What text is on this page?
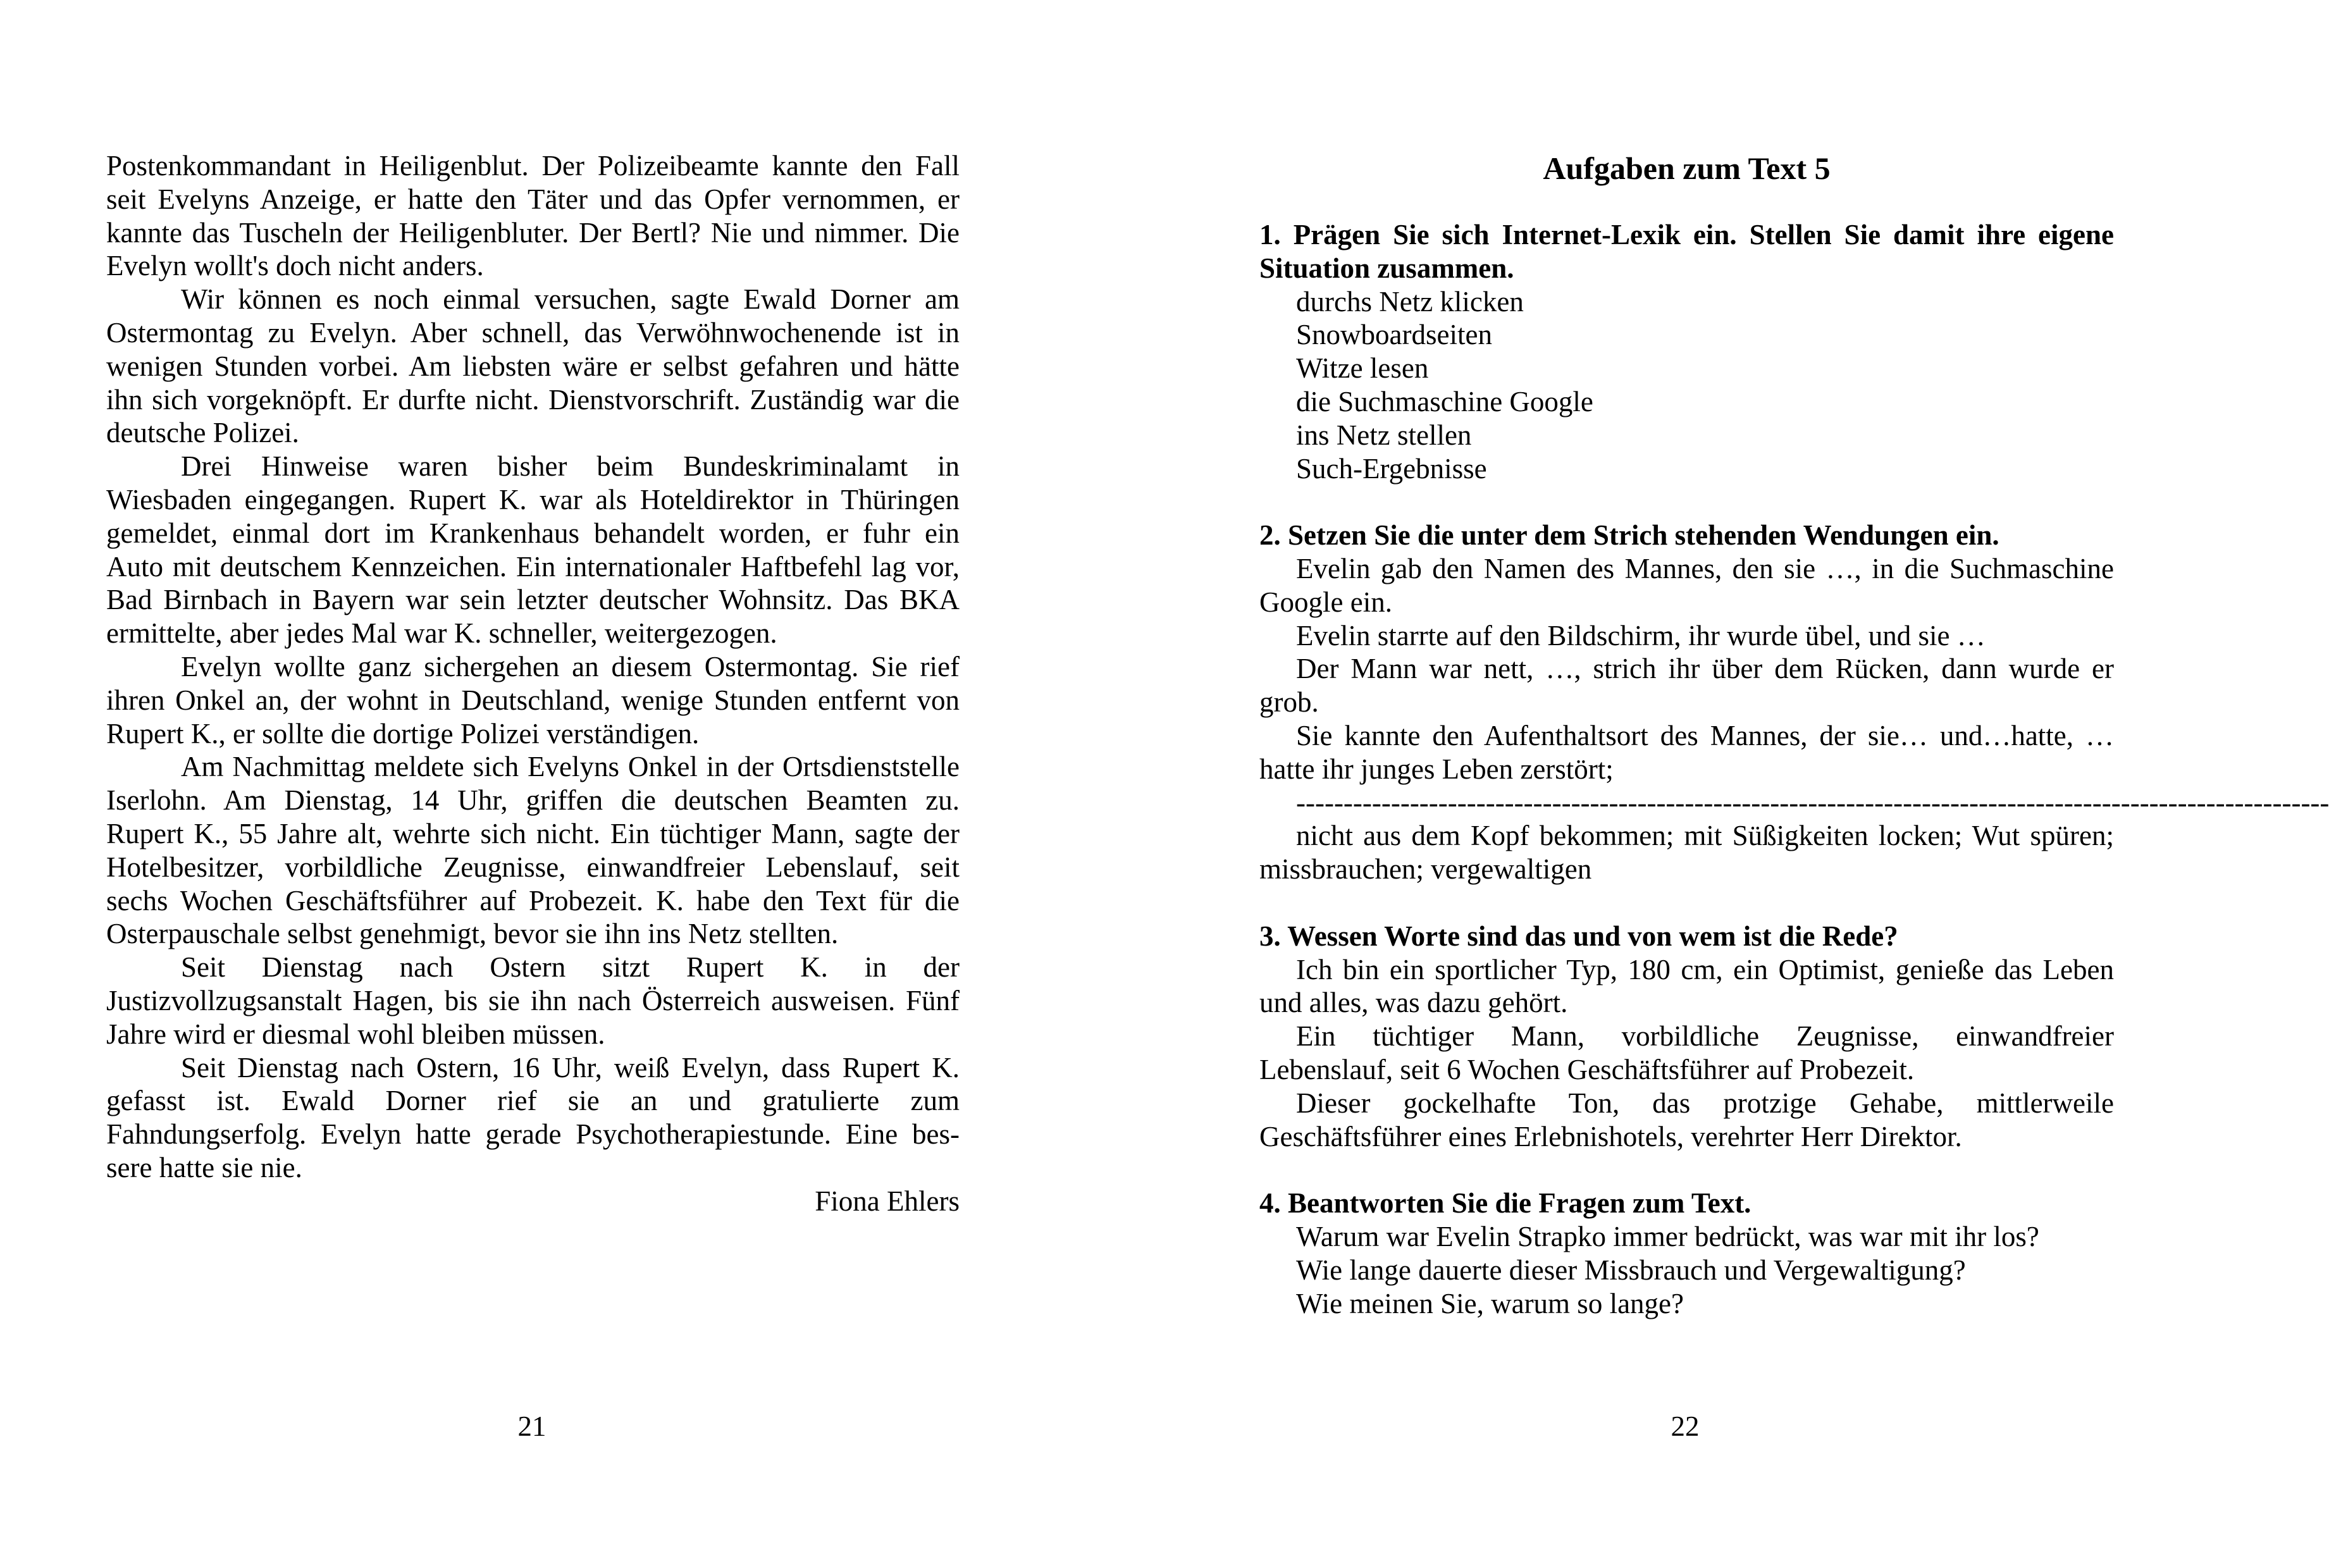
Postenkommandant in Heiligenblut. Der Polizeibeamte kannte den Fall
seit Evelyns Anzeige, er hatte den Täter und das Opfer vernommen, er
kannte das Tuscheln der Heiligenbluter. Der Bertl? Nie und nimmer. Die
Evelyn wollt's doch nicht anders.
Wir können es noch einmal versuchen, sagte Ewald Dorner am
Ostermontag zu Evelyn. Aber schnell, das Verwöhnwochenende ist in
wenigen Stunden vorbei. Am liebsten wäre er selbst gefahren und hätte
ihn sich vorgeknöpft. Er durfte nicht. Dienstvorschrift. Zuständig war die
deutsche Polizei.
Drei Hinweise waren bisher beim Bundeskriminalamt in
Wiesbaden eingegangen. Rupert K. war als Hoteldirektor in Thüringen
gemeldet, einmal dort im Krankenhaus behandelt worden, er fuhr ein
Auto mit deutschem Kennzeichen. Ein internationaler Haftbefehl lag vor,
Bad Birnbach in Bayern war sein letzter deutscher Wohnsitz. Das BKA
ermittelte, aber jedes Mal war K. schneller, weitergezogen.
Evelyn wollte ganz sichergehen an diesem Ostermontag. Sie rief
ihren Onkel an, der wohnt in Deutschland, wenige Stunden entfernt von
Rupert K., er sollte die dortige Polizei verständigen.
Am Nachmittag meldete sich Evelyns Onkel in der Ortsdienststelle
Iserlohn. Am Dienstag, 14 Uhr, griffen die deutschen Beamten zu.
Rupert K., 55 Jahre alt, wehrte sich nicht. Ein tüchtiger Mann, sagte der
Hotelbesitzer, vorbildliche Zeugnisse, einwandfreier Lebenslauf, seit
sechs Wochen Geschäftsführer auf Probezeit. K. habe den Text für die
Osterpauschale selbst genehmigt, bevor sie ihn ins Netz stellten.
Seit Dienstag nach Ostern sitzt Rupert K. in der
Justizvollzugsanstalt Hagen, bis sie ihn nach Österreich ausweisen. Fünf
Jahre wird er diesmal wohl bleiben müssen.
Seit Dienstag nach Ostern, 16 Uhr, weiß Evelyn, dass Rupert K.
gefasst ist. Ewald Dorner rief sie an und gratulierte zum
Fahndungserfolg. Evelyn hatte gerade Psychotherapiestunde. Eine bes-
sere hatte sie nie.
Fiona Ehlers
21
Aufgaben zum Text 5
1. Prägen Sie sich Internet-Lexik ein. Stellen Sie damit ihre eigene
Situation zusammen.
durchs Netz klicken
Snowboardseiten
Witze lesen
die Suchmaschine Google
ins Netz stellen
Such-Ergebnisse
2. Setzen Sie die unter dem Strich stehenden Wendungen ein.
Evelin gab den Namen des Mannes, den sie …, in die Suchmaschine
Google ein.
Evelin starrte auf den Bildschirm, ihr wurde übel, und sie …
Der Mann war nett, …, strich ihr über dem Rücken, dann wurde er
grob.
Sie kannte den Aufenthaltsort des Mannes, der sie… und…hatte, …
hatte ihr junges Leben zerstört;
-------------------------------------------------------------------------------------------------------------
nicht aus dem Kopf bekommen; mit Süßigkeiten locken; Wut spüren;
missbrauchen; vergewaltigen
3. Wessen Worte sind das und von wem ist die Rede?
Ich bin ein sportlicher Typ, 180 cm, ein Optimist, genieße das Leben
und alles, was dazu gehört.
Ein tüchtiger Mann, vorbildliche Zeugnisse, einwandfreier
Lebenslauf, seit 6 Wochen Geschäftsführer auf Probezeit.
Dieser gockelhafte Ton, das protzige Gehabe, mittlerweile
Geschäftsführer eines Erlebnishotels, verehrter Herr Direktor.
4. Beantworten Sie die Fragen zum Text.
Warum war Evelin Strapko immer bedrückt, was war mit ihr los?
Wie lange dauerte dieser Missbrauch und Vergewaltigung?
Wie meinen Sie, warum so lange?
22
